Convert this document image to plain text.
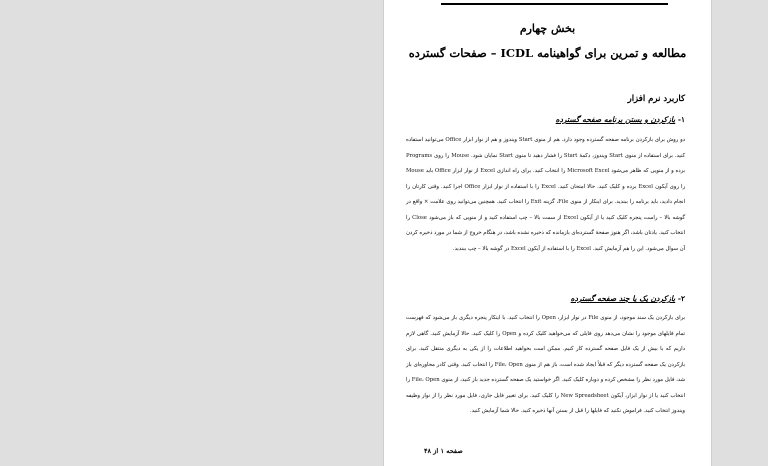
بخش چهارم
مطالعه و تمرین برای گواهینامه ICDL – صفحات گسترده
کاربرد نرم افزار
۱- بازکردن و بستن برنامه صفحه گسترده
دو روش برای بازکردن برنامه صفحه گسترده وجود دارد. هم از منوی Start ویندوز و هم از نوار ابزار Office می‌توانید استفاده کنید. برای استفاده از منوی Start ویندوز، دکمهٔ Start را فشار دهید تا منوی Start نمایان شود. Mouse را روی Programs برده و از منویی که ظاهر می‌شود Microsoft Excel را انتخاب کنید. برای راه اندازی Excel از نوار ابزار Office باید Mouse را روی آیکون Excel برده و کلیک کنید. حالا امتحان کنید. Excel را با استفاده از نوار ابزار Office اجرا کنید. وقتی کارتان را انجام دادید، باید برنامه را ببندید. برای اینکار از منوی File، گزینه Exit را انتخاب کنید. همچنین می‌توانید روی علامت × واقع در گوشه بالا – راست پنجره کلیک کنید یا از آیکون Excel از سمت بالا – چپ استفاده کنید و از منویی که باز می‌شود Close را انتخاب کنید. یادتان باشد، اگر هنوز صفحهٔ گسترده‌ای بازمانده که ذخیره نشده باشد، در هنگام خروج از شما در مورد ذخیره کردن آن سوال می‌شود. این را هم آزمایش کنید. Excel را با استفاده از آیکون Excel در گوشه بالا – چپ ببندید.
۲- بازکردن یک یا چند صفحه گسترده
برای بازکردن یک سند موجود، از منوی File در نوار ابزار، Open را انتخاب کنید. با اینکار پنجره دیگری باز می‌شود که فهرست تمام فایلهای موجود را نشان می‌دهد روی فایلی که می‌خواهید کلیک کرده و Open را کلیک کنید. حالا آزمایش کنید. گاهی لازم داریم که با بیش از یک فایل صفحه گسترده کار کنیم. ممکن است بخواهید اطلاعات را از یکی به دیگری منتقل کنید. برای بازکردن یک صفحه گسترده دیگر که قبلاً ایجاد شده است، باز هم از منوی File، Open را انتخاب کنید. وقتی کادر محاوره‌ای باز شد، فایل مورد نظر را مشخص کرده و دوباره کلیک کنید. اگر خواستید یک صفحه گسترده جدید باز کنید، از منوی File، Open را انتخاب کنید یا از نوار ابزار، آیکون New Spreadsheet را کلیک کنید. برای تغییر فایل جاری، فایل مورد نظر را از نوار وظیفه ویندوز انتخاب کنید. فراموش نکنید که فایلها را قبل از بستن آنها ذخیره کنید. حالا شما آزمایش کنید.
صفحه ۱ از ۴۸
